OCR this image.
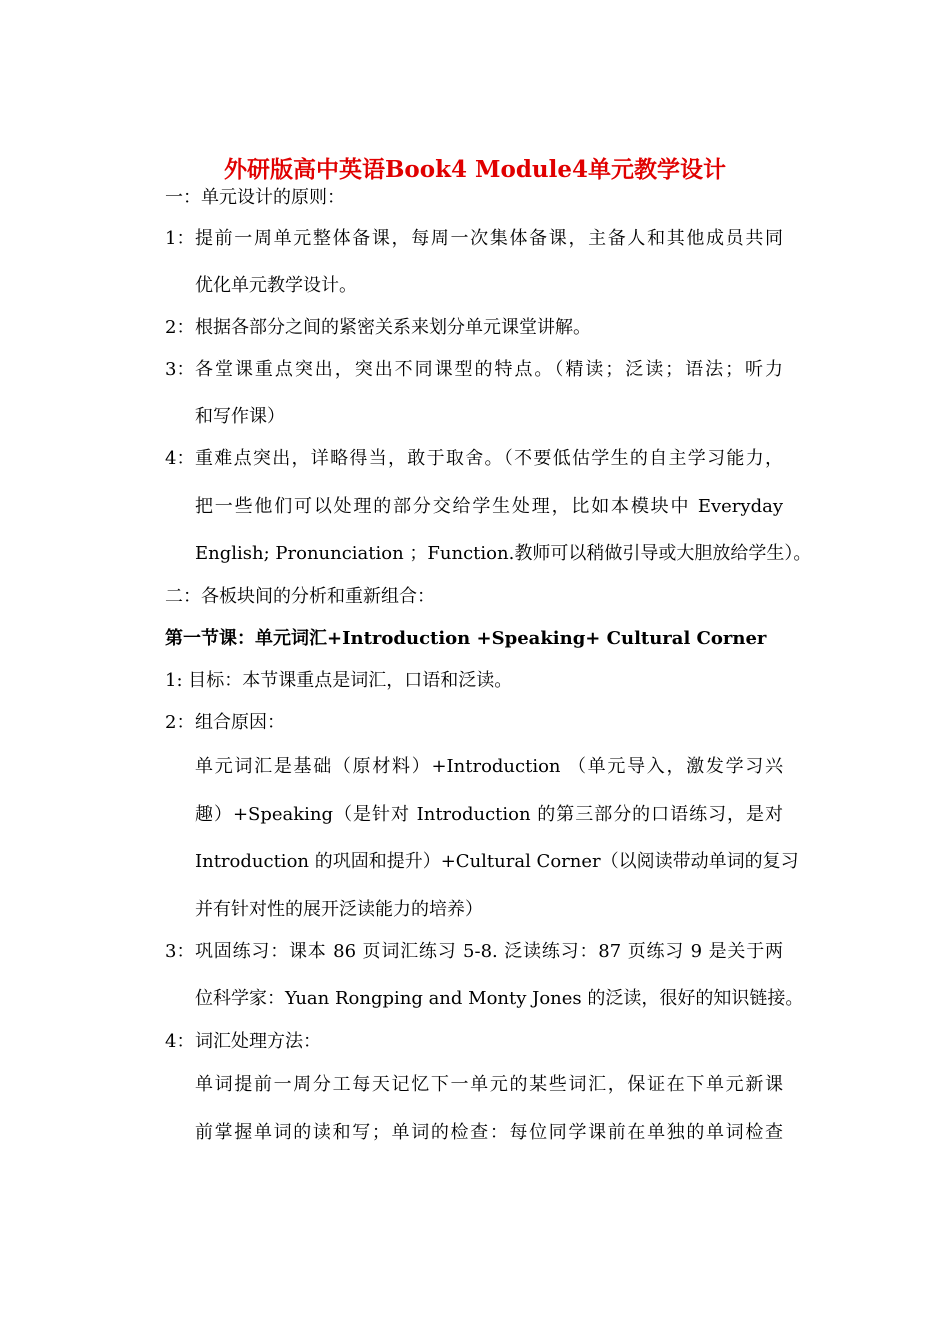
外研版高中英语Book4 Module4单元教学设计
一：单元设计的原则：
1： 提前一周单元整体备课，每周一次集体备课，主备人和其他成员共同
优化单元教学设计。
2： 根据各部分之间的紧密关系来划分单元课堂讲解。
3： 各堂课重点突出，突出不同课型的特点。（精读；泛读；语法；听力
和写作课）
4： 重难点突出，详略得当，敢于取舍。（不要低估学生的自主学习能力，
把一些他们可以处理的部分交给学生处理，比如本模块中 Everyday
English; Pronunciation ；Function.教师可以稍做引导或大胆放给学生）。
二：各板块间的分析和重新组合：
第一节课：单元词汇+Introduction +Speaking+ Cultural Corner
1: 目标：本节课重点是词汇，口语和泛读。
2： 组合原因：
单元词汇是基础（原材料）+Introduction （单元导入，激发学习兴
趣）+Speaking（是针对 Introduction 的第三部分的口语练习，是对
Introduction 的巩固和提升）+Cultural Corner（以阅读带动单词的复习
并有针对性的展开泛读能力的培养）
3： 巩固练习：课本 86 页词汇练习 5-8. 泛读练习：87 页练习 9 是关于两
位科学家：Yuan Rongping and Monty Jones 的泛读，很好的知识链接。
4： 词汇处理方法：
单词提前一周分工每天记忆下一单元的某些词汇，保证在下单元新课
前掌握单词的读和写；单词的检查：每位同学课前在单独的单词检查
